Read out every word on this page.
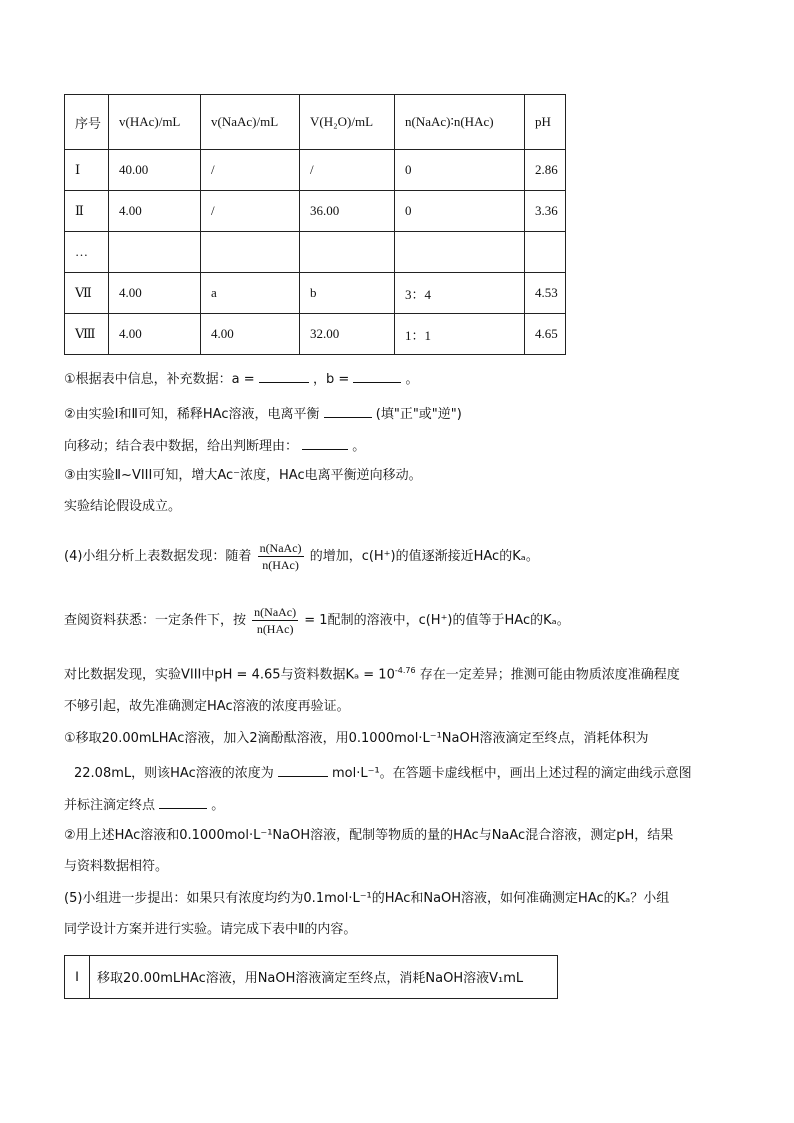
序号	v(HAc)/mL	v(NaAc)/mL	V(H₂O)/mL	n(NaAc)∶n(HAc)	pH
Ⅰ	40.00	/	/	0	2.86
Ⅱ	4.00	/	36.00	0	3.36
…					
Ⅶ	4.00	a	b	3：4	4.53
Ⅷ	4.00	4.00	32.00	1：1	4.65
①根据表中信息，补充数据：a =	，b =	。
②由实验Ⅰ和Ⅱ可知，稀释HAc溶液，电离平衡	(填"正"或"逆")
向移动；结合表中数据，给出判断理由：	。
③由实验Ⅱ~VIII可知，增大Ac⁻浓度，HAc电离平衡逆向移动。
实验结论假设成立。
(4)小组分析上表数据发现：随着 $\frac{\text{n(NaAc)}}{\text{n(HAc)}}$ 的增加，c(H⁺)的值逐渐接近HAc的Kₐ。
查阅资料获悉：一定条件下，按 $\frac{\text{n(NaAc)}}{\text{n(HAc)}} = 1$配制的溶液中，c(H⁺)的值等于HAc的Kₐ。
对比数据发现，实验VIII中pH = 4.65与资料数据$K_a = 10^{-4.76}$ 存在一定差异；推测可能由物质浓度准确程度
不够引起，故先准确测定HAc溶液的浓度再验证。
①移取20.00mLHAc溶液，加入2滴酚酞溶液，用0.1000mol·L⁻¹NaOH溶液滴定至终点，消耗体积为
22.08mL，则该HAc溶液的浓度为	mol·L⁻¹。在答题卡虚线框中，画出上述过程的滴定曲线示意图
并标注滴定终点	。
②用上述HAc溶液和0.1000mol·L⁻¹NaOH溶液，配制等物质的量的HAc与NaAc混合溶液，测定pH，结果
与资料数据相符。
(5)小组进一步提出：如果只有浓度均约为0.1mol·L⁻¹的HAc和NaOH溶液，如何准确测定HAc的Kₐ？小组
同学设计方案并进行实验。请完成下表中Ⅱ的内容。
Ⅰ	移取20.00mLHAc溶液，用NaOH溶液滴定至终点，消耗NaOH溶液V₁mL
